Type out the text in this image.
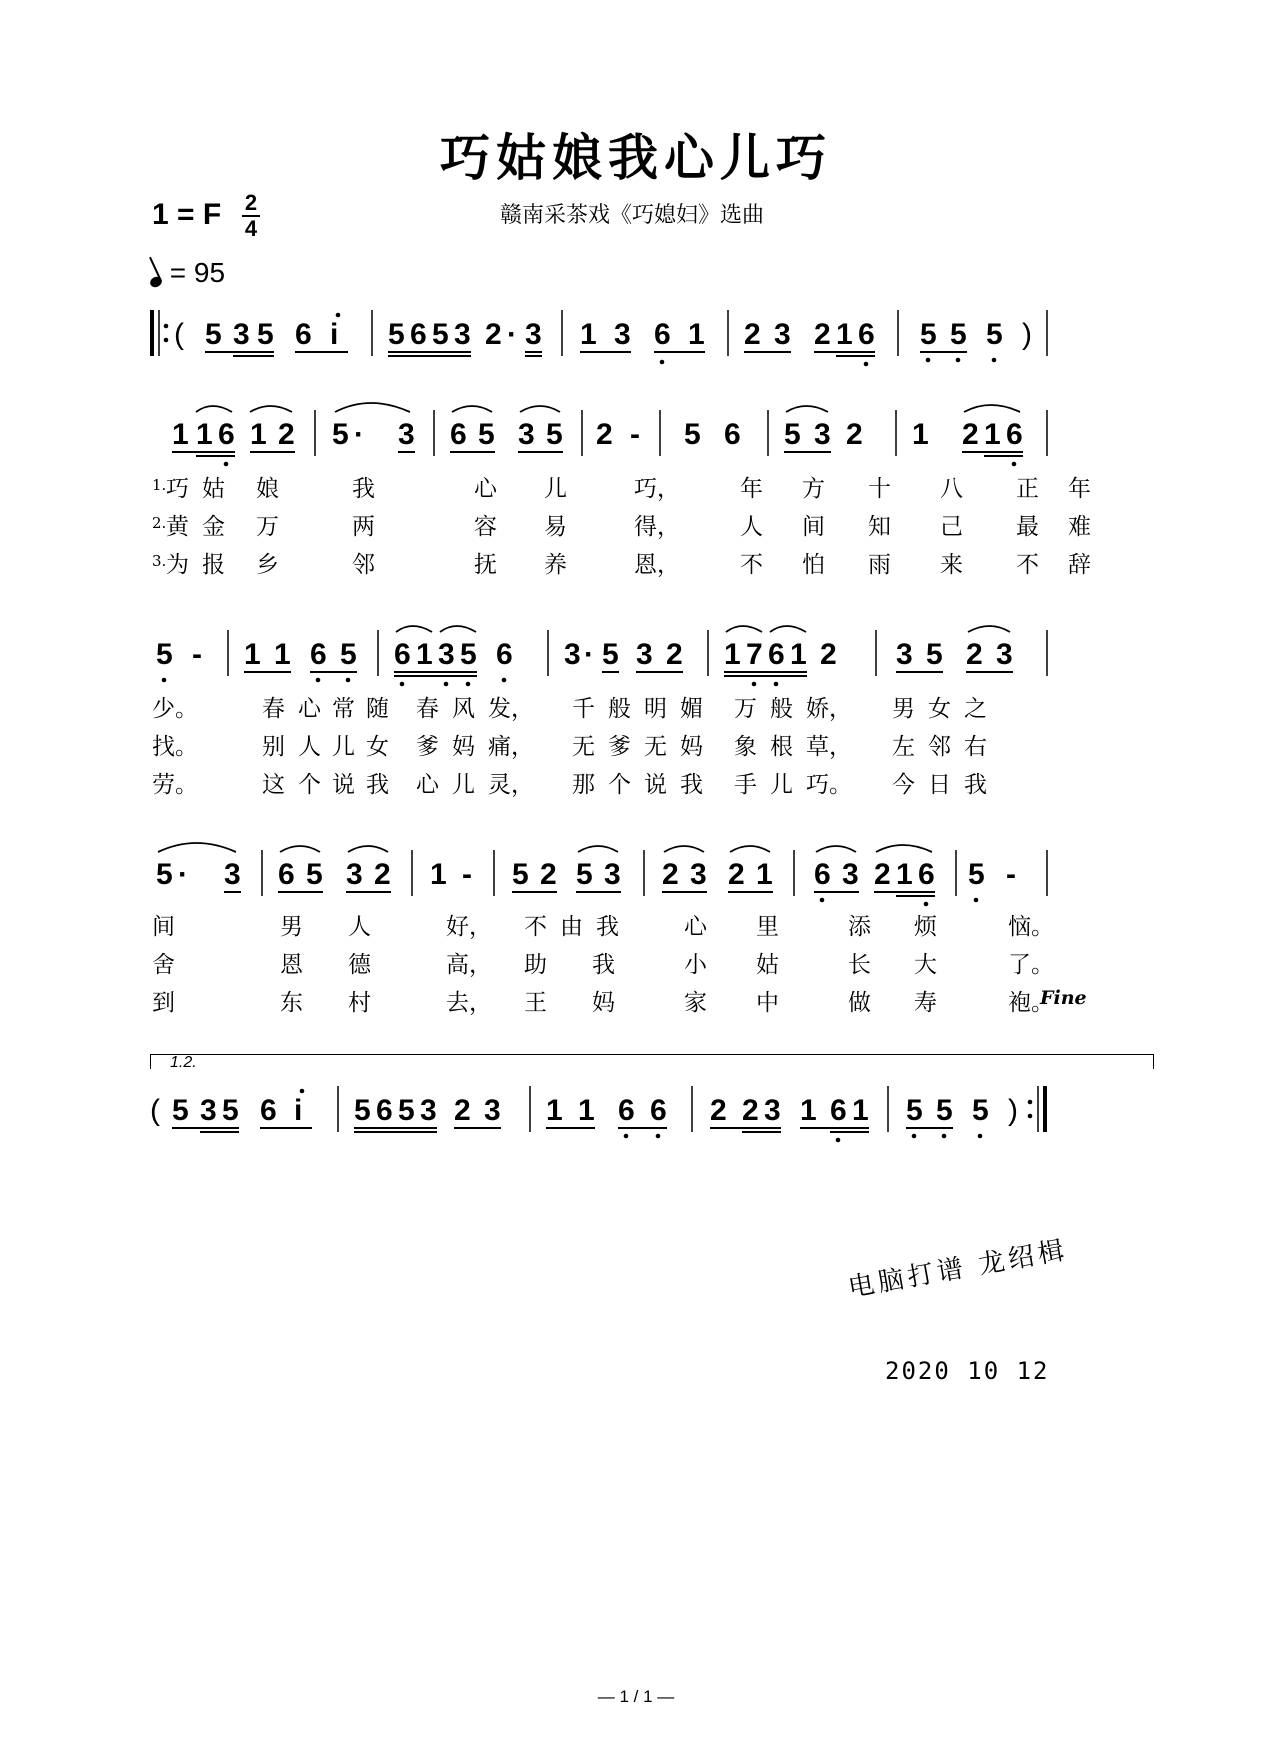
巧姑娘我心儿巧
赣南采茶戏《巧媳妇》选曲
1 = F 2
4
= 95
( 5 3 5 6 i 5 6 5 3 2 · 3 1 3 6 1 2 3 2 1 6 5 5 5 )
1 1 6 1 2 5 · 3 6 5 3 5 2 - 5 6 5 3 2 1 2 1 6
1. 巧 姑 娘	我	心 儿	巧，	年 方 十 八 正 年
2. 黄 金 万	两	容 易	得，	人 间 知 己 最 难
3. 为 报 乡	邻	抚 养	恩，	不 怕 雨 来 不 辞
5 - 1 1 6 5 6 1 3 5 6 3 · 5 3 2 1 7 6 1 2 3 5 2 3
少。	春 心 常 随 春 风 发， 千 般 明 媚 万 般 娇， 男 女 之
找。	别 人 儿 女 爹 妈 痛， 无 爹 无 妈 象 根 草， 左 邻 右
劳。	这 个 说 我 心 儿 灵， 那 个 说 我 手 儿 巧。 今 日 我
5 · 3 6 5 3 2 1 - 5 2 5 3 2 3 2 1 6 3 2 1 6 5 -
间	男 人	好， 不 由 我	心 里	添 烦	恼。
舍	恩 德	高， 助 我	小 姑	长 大	了。
到	东 村	去， 王 妈	家 中	做 寿	袍。
Fine
1.2.
( 5 3 5 6 i 5 6 5 3 2 3 1 1 6 6 2 2 3 1 6 1 5 5 5 )
电脑打谱 龙绍楫
2020 10 12
— 1 / 1 —
